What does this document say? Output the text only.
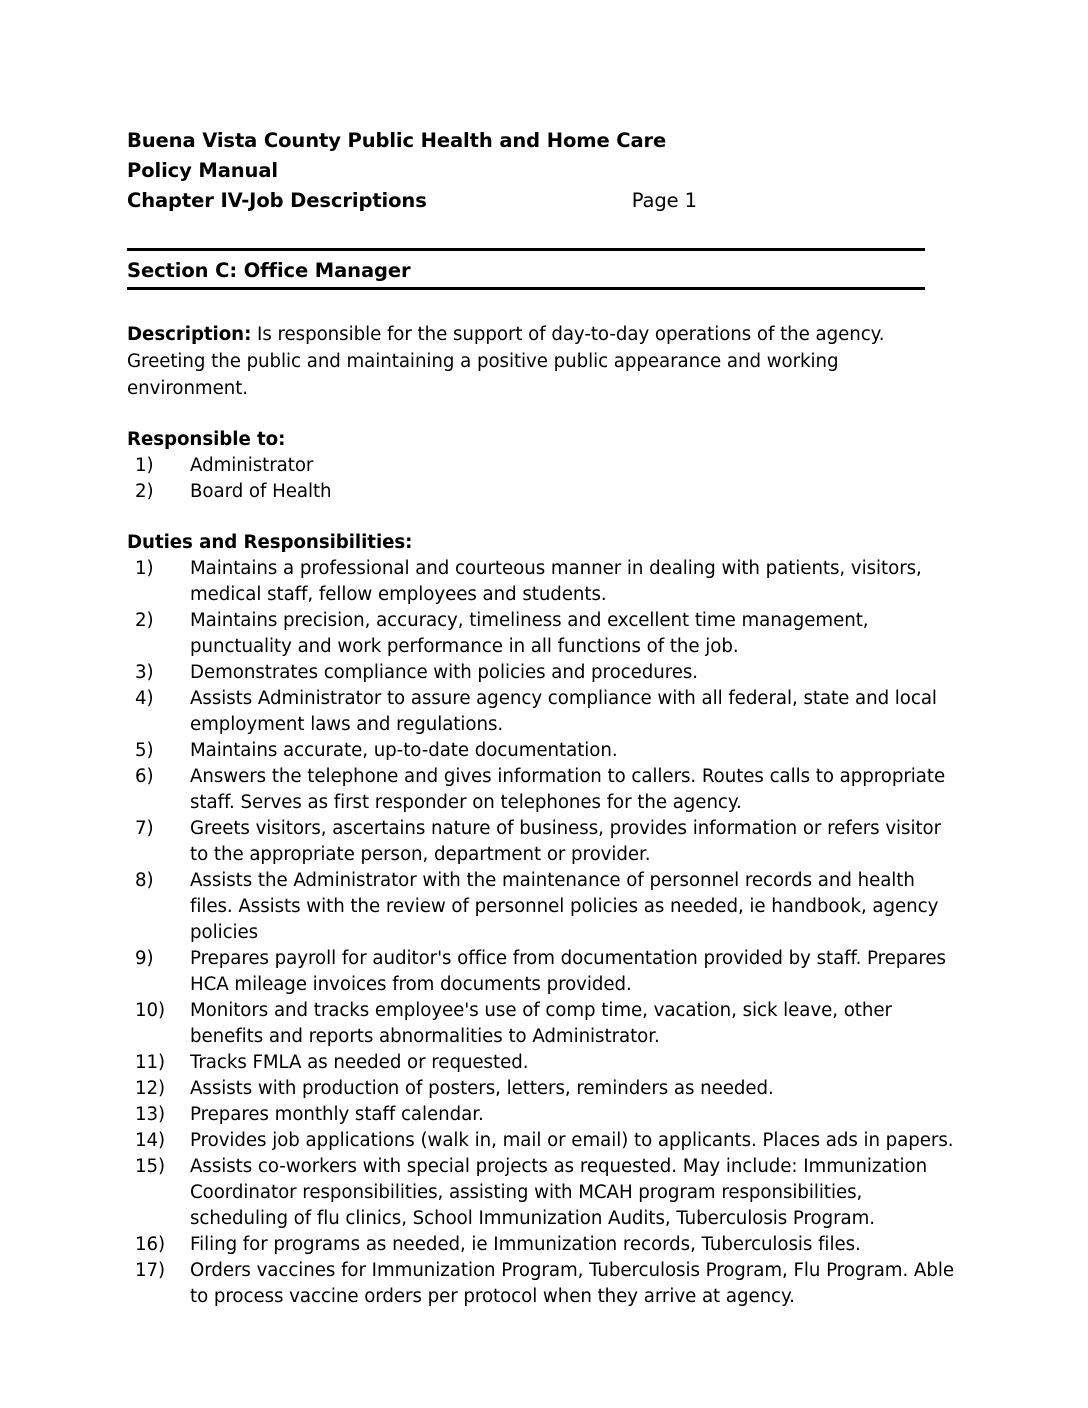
Buena Vista County Public Health and Home Care
Policy Manual
Chapter IV-Job Descriptions	Page 1
Section C: Office Manager

Description: Is responsible for the support of day-to-day operations of the agency. Greeting the public and maintaining a positive public appearance and working environment.

Responsible to:
1)	Administrator
2)	Board of Health
Duties and Responsibilities:
1)	Maintains a professional and courteous manner in dealing with patients, visitors, medical staff, fellow employees and students.
2)	Maintains precision, accuracy, timeliness and excellent time management, punctuality and work performance in all functions of the job.
3)	Demonstrates compliance with policies and procedures.
4)	Assists Administrator to assure agency compliance with all federal, state and local employment laws and regulations.
5)	Maintains accurate, up-to-date documentation.
6)	Answers the telephone and gives information to callers. Routes calls to appropriate staff. Serves as first responder on telephones for the agency.
7)	Greets visitors, ascertains nature of business, provides information or refers visitor to the appropriate person, department or provider.
8)	Assists the Administrator with the maintenance of personnel records and health files. Assists with the review of personnel policies as needed, ie handbook, agency policies
9)	Prepares payroll for auditor's office from documentation provided by staff. Prepares HCA mileage invoices from documents provided.
10)	Monitors and tracks employee's use of comp time, vacation, sick leave, other benefits and reports abnormalities to Administrator.
11)	Tracks FMLA as needed or requested.
12)	Assists with production of posters, letters, reminders as needed.
13)	Prepares monthly staff calendar.
14)	Provides job applications (walk in, mail or email) to applicants. Places ads in papers.
15)	Assists co-workers with special projects as requested. May include: Immunization Coordinator responsibilities, assisting with MCAH program responsibilities, scheduling of flu clinics, School Immunization Audits, Tuberculosis Program.
16)	Filing for programs as needed, ie Immunization records, Tuberculosis files.
17)	Orders vaccines for Immunization Program, Tuberculosis Program, Flu Program. Able to process vaccine orders per protocol when they arrive at agency.
